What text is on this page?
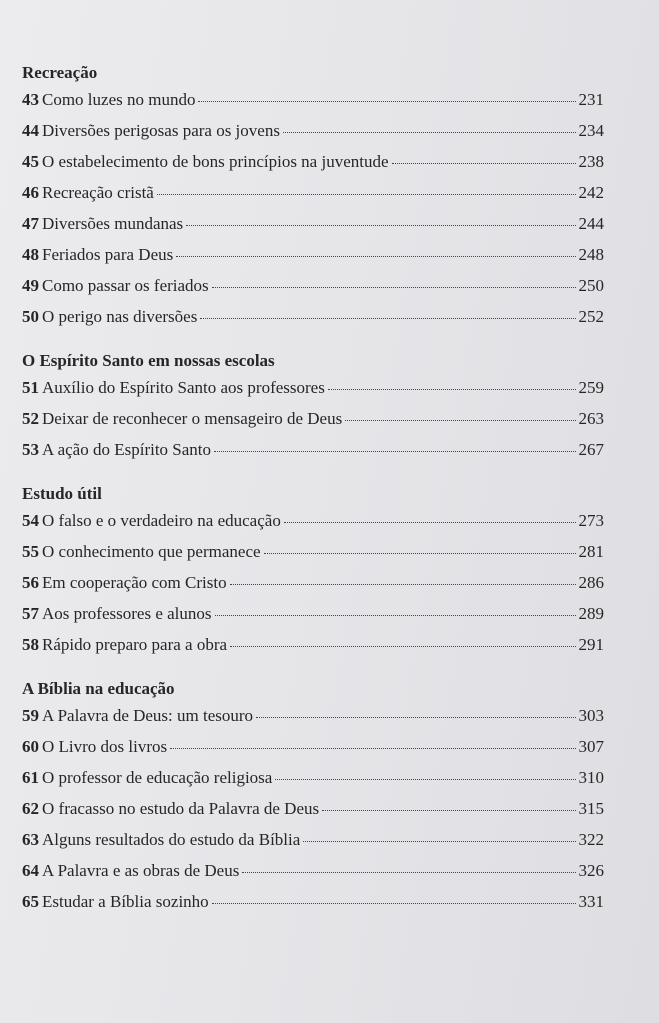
Recreação
43 Como luzes no mundo	231
44 Diversões perigosas para os jovens	234
45 O estabelecimento de bons princípios na juventude	238
46 Recreação cristã	242
47 Diversões mundanas	244
48 Feriados para Deus	248
49 Como passar os feriados	250
50 O perigo nas diversões	252
O Espírito Santo em nossas escolas
51 Auxílio do Espírito Santo aos professores	259
52 Deixar de reconhecer o mensageiro de Deus	263
53 A ação do Espírito Santo	267
Estudo útil
54 O falso e o verdadeiro na educação	273
55 O conhecimento que permanece	281
56 Em cooperação com Cristo	286
57 Aos professores e alunos	289
58 Rápido preparo para a obra	291
A Bíblia na educação
59 A Palavra de Deus: um tesouro	303
60 O Livro dos livros	307
61 O professor de educação religiosa	310
62 O fracasso no estudo da Palavra de Deus	315
63 Alguns resultados do estudo da Bíblia	322
64 A Palavra e as obras de Deus	326
65 Estudar a Bíblia sozinho	331
